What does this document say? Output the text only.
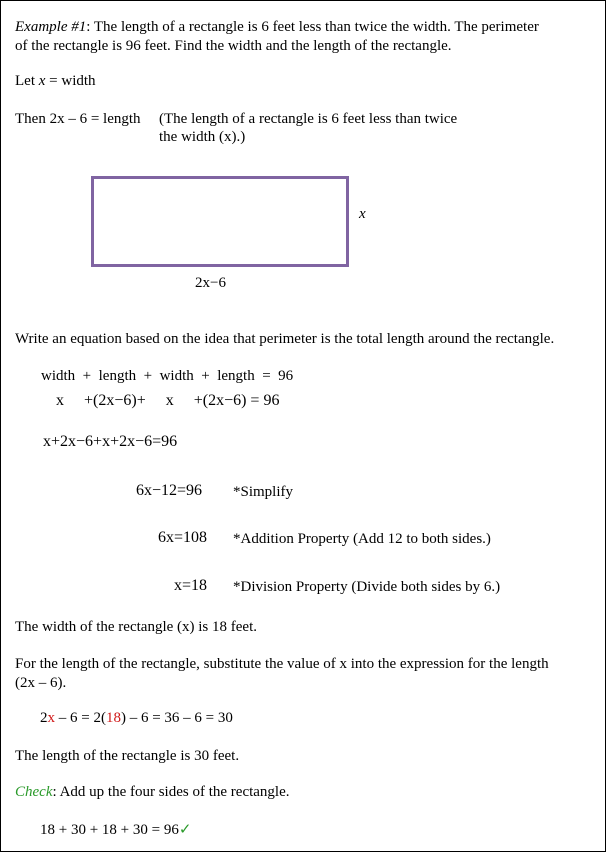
Example #1: The length of a rectangle is 6 feet less than twice the width. The perimeter
of the rectangle is 96 feet. Find the width and the length of the rectangle.
Let x = width
Then 2x – 6 = length (The length of a rectangle is 6 feet less than twice
the width (x).)
x
2x−6
Write an equation based on the idea that perimeter is the total length around the rectangle.
width  +  length  +  width  +  length  =  96
x     +(2x−6)+     x     +(2x−6) = 96
x+2x−6+x+2x−6=96
6x−12=96 *Simplify
6x=108 *Addition Property (Add 12 to both sides.)
x=18 *Division Property (Divide both sides by 6.)
The width of the rectangle (x) is 18 feet.
For the length of the rectangle, substitute the value of x into the expression for the length
(2x – 6).
2x – 6 = 2(18) – 6 = 36 – 6 = 30
The length of the rectangle is 30 feet.
Check: Add up the four sides of the rectangle.
18 + 30 + 18 + 30 = 96✓
